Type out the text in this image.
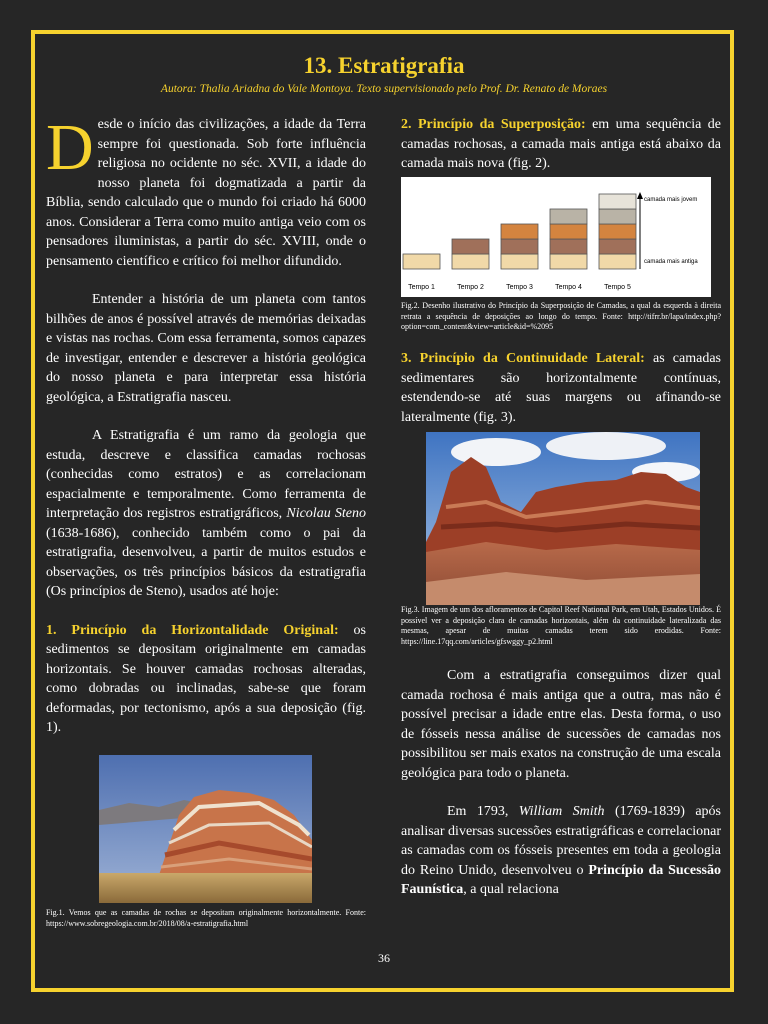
13. Estratigrafia
Autora: Thalia Ariadna do Vale Montoya. Texto supervisionado pelo Prof. Dr. Renato de Moraes

Desde o início das civilizações, a idade da Terra sempre foi questionada. Sob forte influência religiosa no ocidente no séc. XVII, a idade do nosso planeta foi dogmatizada a partir da Bíblia, sendo calculado que o mundo foi criado há 6000 anos. Considerar a Terra como muito antiga veio com os pensadores iluministas, a partir do séc. XVIII, onde o pensamento científico e crítico foi melhor difundido.

Entender a história de um planeta com tantos bilhões de anos é possível através de memórias deixadas e vistas nas rochas. Com essa ferramenta, somos capazes de investigar, entender e descrever a história geológica do nosso planeta e para interpretar essa história geológica, a Estratigrafia nasceu.

A Estratigrafia é um ramo da geologia que estuda, descreve e classifica camadas rochosas (conhecidas como estratos) e as correlacionam espacialmente e temporalmente. Como ferramenta de interpretação dos registros estratigráficos, Nicolau Steno (1638-1686), conhecido também como o pai da estratigrafia, desenvolveu, a partir de muitos estudos e observações, os três princípios básicos da estratigrafia (Os princípios de Steno), usados até hoje:

1. Princípio da Horizontalidade Original: os sedimentos se depositam originalmente em camadas horizontais. Se houver camadas rochosas alteradas, como dobradas ou inclinadas, sabe-se que foram deformadas, por tectonismo, após a sua deposição (fig. 1).

Fig.1. Vemos que as camadas de rochas se depositam originalmente horizontalmente. Fonte: https://www.sobregeologia.com.br/2018/08/a-estratigrafia.html

2. Princípio da Superposição: em uma sequência de camadas rochosas, a camada mais antiga está abaixo da camada mais nova (fig. 2).

camada mais jovem
camada mais antiga
Tempo 1	Tempo 2	Tempo 3	Tempo 4	Tempo 5
Fig.2. Desenho ilustrativo do Princípio da Superposição de Camadas, a qual da esquerda à direita retrata a sequência de deposições ao longo do tempo. Fonte: http://tifrr.br/lapa/index.php?option=com_content&view=article&id=%2095

3. Princípio da Continuidade Lateral: as camadas sedimentares são horizontalmente contínuas, estendendo-se até suas margens ou afinando-se lateralmente (fig. 3).

Fig.3. Imagem de um dos afloramentos de Capitol Reef National Park, em Utah, Estados Unidos. É possível ver a deposição clara de camadas horizontais, além da continuidade lateralizada das mesmas, apesar de muitas camadas terem sido erodidas. Fonte: https://line.17qq.com/articles/gfswggy_p2.html

Com a estratigrafia conseguimos dizer qual camada rochosa é mais antiga que a outra, mas não é possível precisar a idade entre elas. Desta forma, o uso de fósseis nessa análise de sucessões de camadas nos possibilitou ser mais exatos na construção de uma escala geológica para todo o planeta.

Em 1793, William Smith (1769-1839) após analisar diversas sucessões estratigráficas e correlacionar as camadas com os fósseis presentes em toda a geologia do Reino Unido, desenvolveu o Princípio da Sucessão Faunística, a qual relaciona

36
